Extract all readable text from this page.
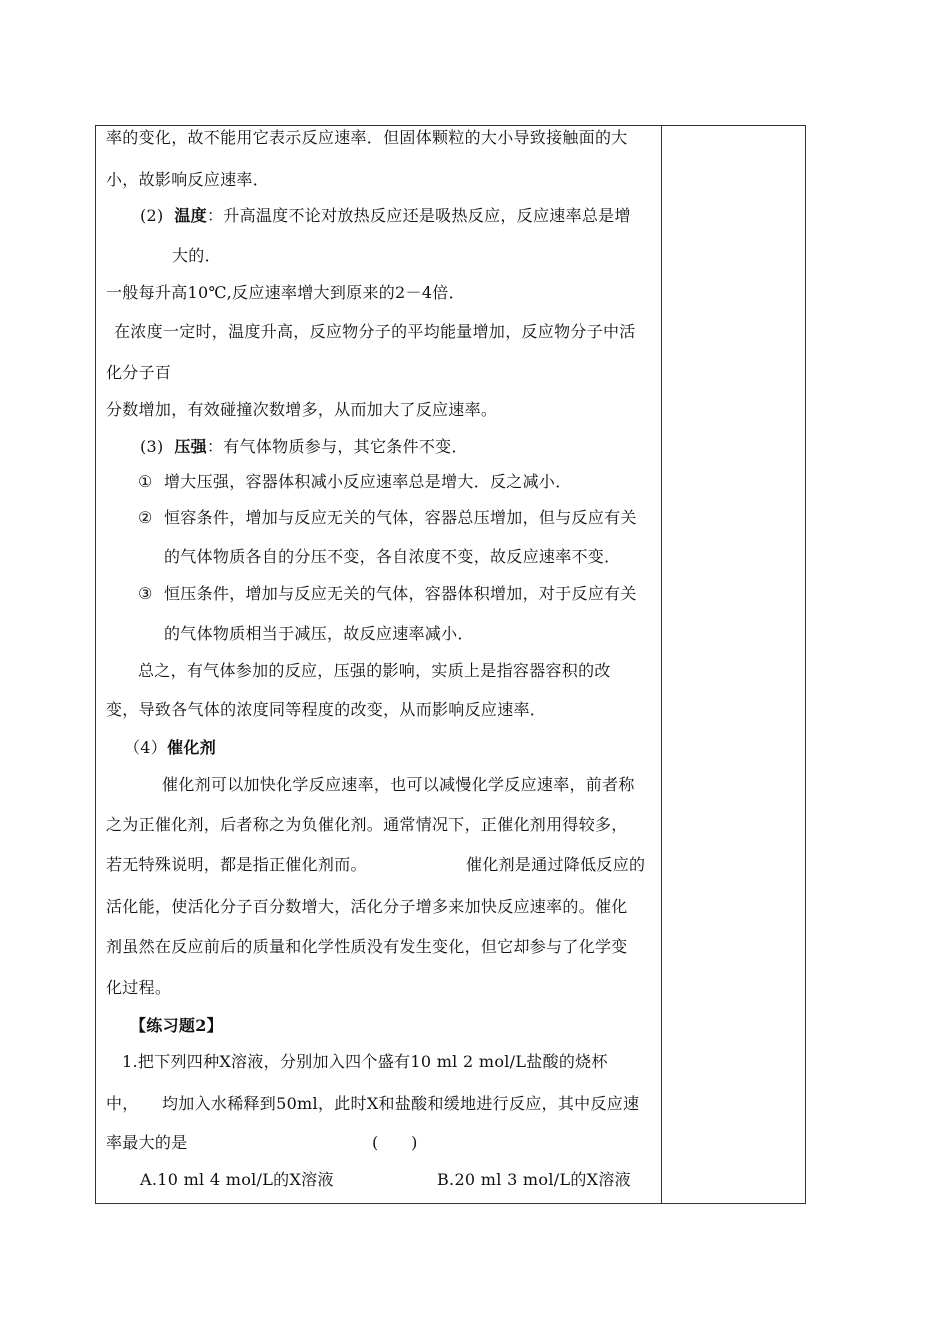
率的变化，故不能用它表示反应速率．但固体颗粒的大小导致接触面的大
小，故影响反应速率．
(2) 温度：升高温度不论对放热反应还是吸热反应，反应速率总是增
大的．
一般每升高10℃,反应速率增大到原来的2－4倍．
在浓度一定时，温度升高，反应物分子的平均能量增加，反应物分子中活
化分子百
分数增加，有效碰撞次数增多，从而加大了反应速率。
(3) 压强：有气体物质参与，其它条件不变．
① 增大压强，容器体积减小反应速率总是增大．反之减小．
② 恒容条件，增加与反应无关的气体，容器总压增加，但与反应有关
的气体物质各自的分压不变，各自浓度不变，故反应速率不变．
③ 恒压条件，增加与反应无关的气体，容器体积增加，对于反应有关
的气体物质相当于减压，故反应速率减小．
总之，有气体参加的反应，压强的影响，实质上是指容器容积的改
变，导致各气体的浓度同等程度的改变，从而影响反应速率．
（4）催化剂
催化剂可以加快化学反应速率，也可以减慢化学反应速率，前者称
之为正催化剂，后者称之为负催化剂。通常情况下，正催化剂用得较多，
若无特殊说明，都是指正催化剂而。	催化剂是通过降低反应的
活化能，使活化分子百分数增大，活化分子增多来加快反应速率的。催化
剂虽然在反应前后的质量和化学性质没有发生变化，但它却参与了化学变
化过程。
【练习题2】
1.把下列四种X溶液，分别加入四个盛有10 ml 2 mol/L盐酸的烧杯
中， 均加入水稀释到50ml，此时X和盐酸和缓地进行反应，其中反应速
率最大的是	(　　)
A.10 ml 4 mol/L的X溶液	B.20 ml 3 mol/L的X溶液
